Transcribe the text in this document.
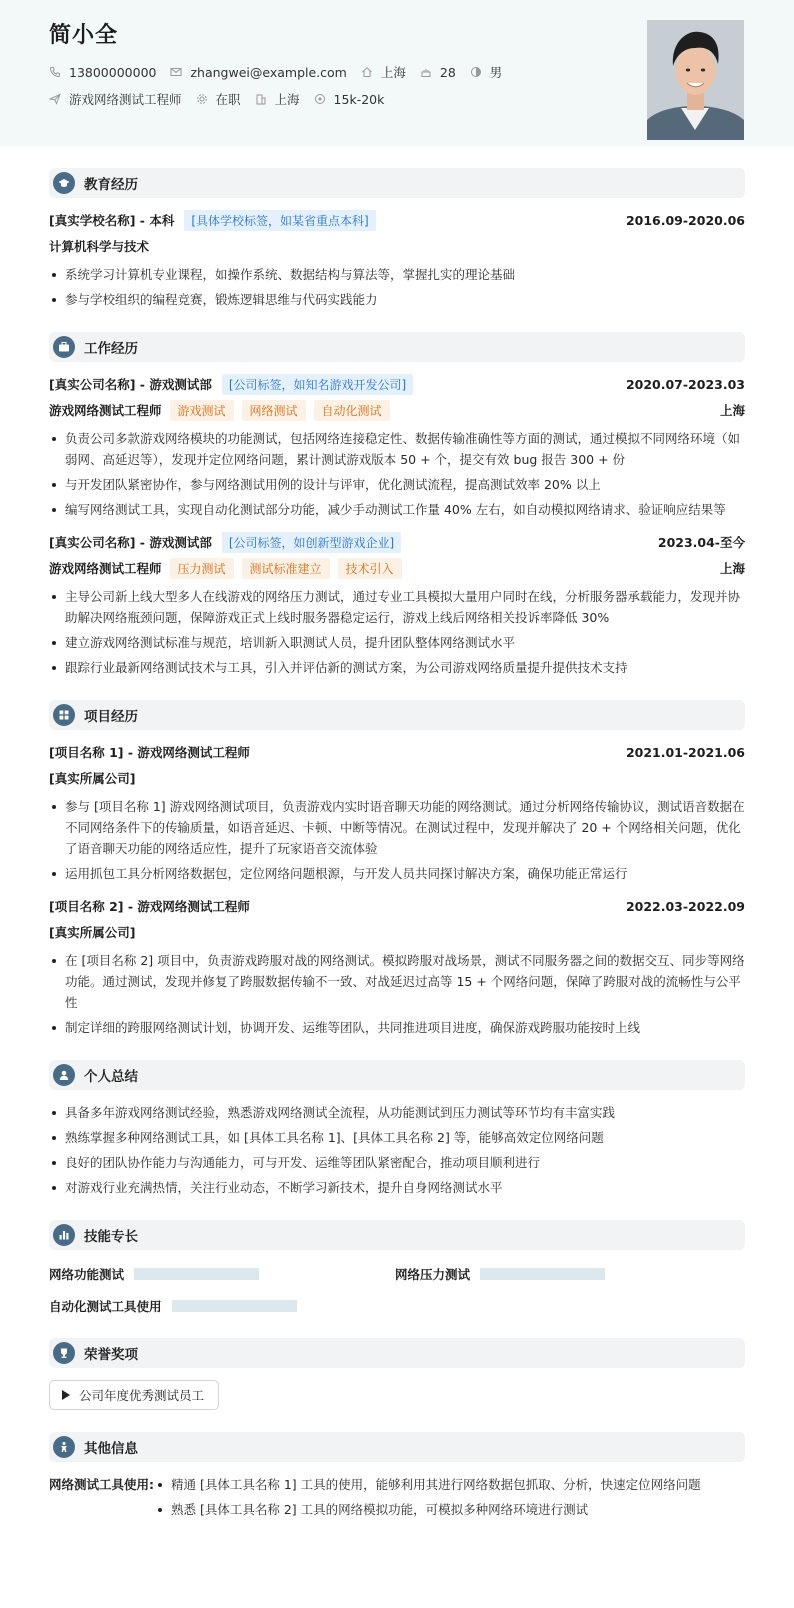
简小全
13800000000	zhangwei@example.com	上海	28	男
游戏网络测试工程师	在职	上海	15k-20k
教育经历
[真实学校名称] - 本科	[具体学校标签，如某省重点本科]	2016.09-2020.06
计算机科学与技术
系统学习计算机专业课程，如操作系统、数据结构与算法等，掌握扎实的理论基础
参与学校组织的编程竞赛，锻炼逻辑思维与代码实践能力
工作经历
[真实公司名称] - 游戏测试部	[公司标签，如知名游戏开发公司]	2020.07-2023.03
游戏网络测试工程师	游戏测试	网络测试	自动化测试	上海
负责公司多款游戏网络模块的功能测试，包括网络连接稳定性、数据传输准确性等方面的测试，通过模拟不同网络环境（如弱网、高延迟等），发现并定位网络问题，累计测试游戏版本 50 + 个，提交有效 bug 报告 300 + 份
与开发团队紧密协作，参与网络测试用例的设计与评审，优化测试流程，提高测试效率 20% 以上
编写网络测试工具，实现自动化测试部分功能，减少手动测试工作量 40% 左右，如自动模拟网络请求、验证响应结果等
[真实公司名称] - 游戏测试部	[公司标签，如创新型游戏企业]	2023.04-至今
游戏网络测试工程师	压力测试	测试标准建立	技术引入	上海
主导公司新上线大型多人在线游戏的网络压力测试，通过专业工具模拟大量用户同时在线，分析服务器承载能力，发现并协助解决网络瓶颈问题，保障游戏正式上线时服务器稳定运行，游戏上线后网络相关投诉率降低 30%
建立游戏网络测试标准与规范，培训新入职测试人员，提升团队整体网络测试水平
跟踪行业最新网络测试技术与工具，引入并评估新的测试方案，为公司游戏网络质量提升提供技术支持
项目经历
[项目名称 1] - 游戏网络测试工程师	2021.01-2021.06
[真实所属公司]
参与 [项目名称 1] 游戏网络测试项目，负责游戏内实时语音聊天功能的网络测试。通过分析网络传输协议，测试语音数据在不同网络条件下的传输质量，如语音延迟、卡顿、中断等情况。在测试过程中，发现并解决了 20 + 个网络相关问题，优化了语音聊天功能的网络适应性，提升了玩家语音交流体验
运用抓包工具分析网络数据包，定位网络问题根源，与开发人员共同探讨解决方案，确保功能正常运行
[项目名称 2] - 游戏网络测试工程师	2022.03-2022.09
[真实所属公司]
在 [项目名称 2] 项目中，负责游戏跨服对战的网络测试。模拟跨服对战场景，测试不同服务器之间的数据交互、同步等网络功能。通过测试，发现并修复了跨服数据传输不一致、对战延迟过高等 15 + 个网络问题，保障了跨服对战的流畅性与公平性
制定详细的跨服网络测试计划，协调开发、运维等团队，共同推进项目进度，确保游戏跨服功能按时上线
个人总结
具备多年游戏网络测试经验，熟悉游戏网络测试全流程，从功能测试到压力测试等环节均有丰富实践
熟练掌握多种网络测试工具，如 [具体工具名称 1]、[具体工具名称 2] 等，能够高效定位网络问题
良好的团队协作能力与沟通能力，可与开发、运维等团队紧密配合，推动项目顺利进行
对游戏行业充满热情，关注行业动态，不断学习新技术，提升自身网络测试水平
技能专长
网络功能测试	网络压力测试
自动化测试工具使用
荣誉奖项
公司年度优秀测试员工
其他信息
网络测试工具使用:	精通 [具体工具名称 1] 工具的使用，能够利用其进行网络数据包抓取、分析，快速定位网络问题
熟悉 [具体工具名称 2] 工具的网络模拟功能，可模拟多种网络环境进行测试
